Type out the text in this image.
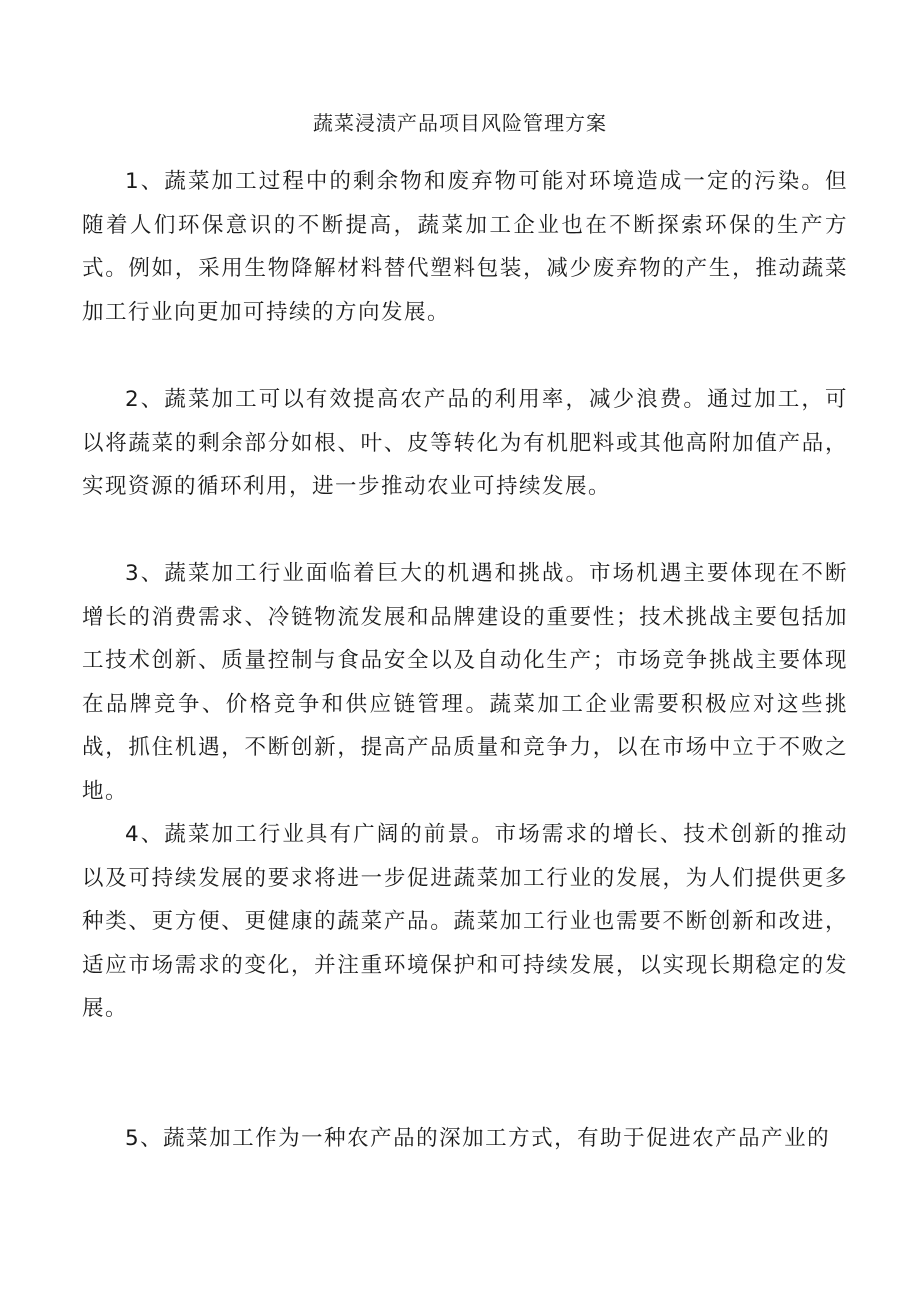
蔬菜浸渍产品项目风险管理方案

1、蔬菜加工过程中的剩余物和废弃物可能对环境造成一定的污染。但随着人们环保意识的不断提高，蔬菜加工企业也在不断探索环保的生产方式。例如，采用生物降解材料替代塑料包装，减少废弃物的产生，推动蔬菜加工行业向更加可持续的方向发展。

2、蔬菜加工可以有效提高农产品的利用率，减少浪费。通过加工，可以将蔬菜的剩余部分如根、叶、皮等转化为有机肥料或其他高附加值产品，实现资源的循环利用，进一步推动农业可持续发展。

3、蔬菜加工行业面临着巨大的机遇和挑战。市场机遇主要体现在不断增长的消费需求、冷链物流发展和品牌建设的重要性；技术挑战主要包括加工技术创新、质量控制与食品安全以及自动化生产；市场竞争挑战主要体现在品牌竞争、价格竞争和供应链管理。蔬菜加工企业需要积极应对这些挑战，抓住机遇，不断创新，提高产品质量和竞争力，以在市场中立于不败之地。

4、蔬菜加工行业具有广阔的前景。市场需求的增长、技术创新的推动以及可持续发展的要求将进一步促进蔬菜加工行业的发展，为人们提供更多种类、更方便、更健康的蔬菜产品。蔬菜加工行业也需要不断创新和改进，适应市场需求的变化，并注重环境保护和可持续发展，以实现长期稳定的发展。

5、蔬菜加工作为一种农产品的深加工方式，有助于促进农产品产业的
